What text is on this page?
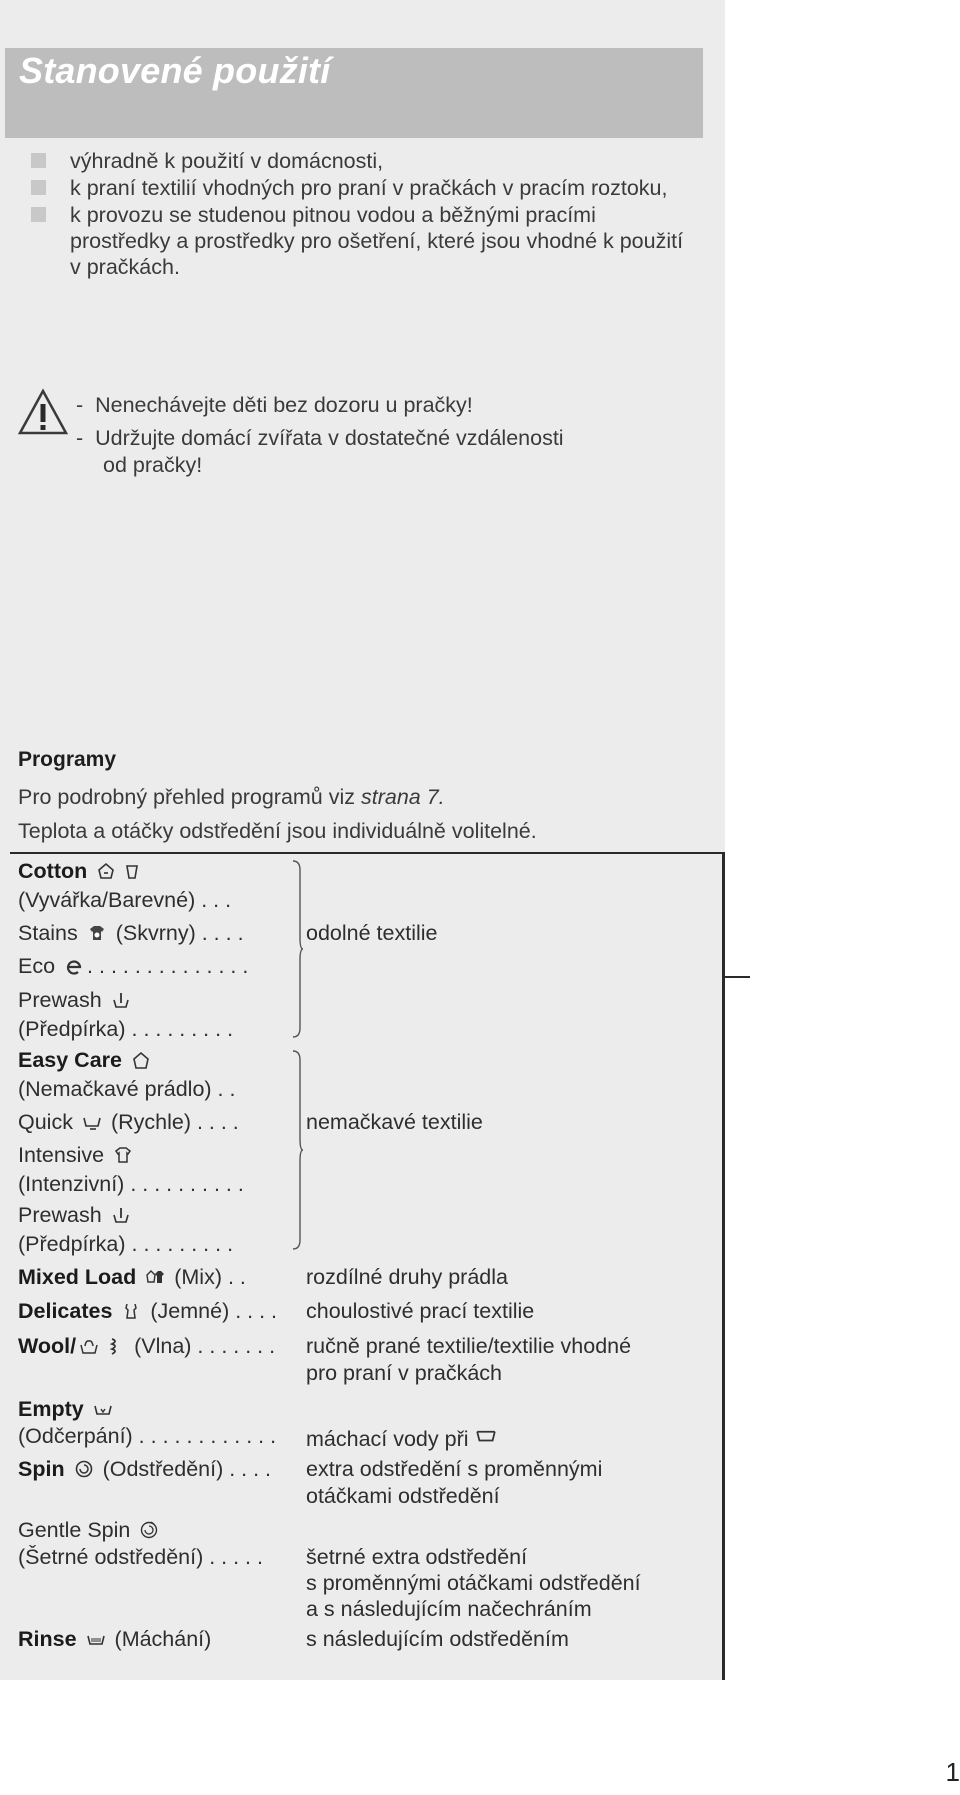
Stanovené použití
výhradně k použití v domácnosti,
k praní textilií vhodných pro praní v pračkách v pracím roztoku,
k provozu se studenou pitnou vodou a běžnými pracími prostředky a prostředky pro ošetření, které jsou vhodné k použití v pračkách.
-  Nenechávejte děti bez dozoru u pračky!
-  Udržujte domácí zvířata v dostatečné vzdálenosti
od pračky!
Programy
Pro podrobný přehled programů viz strana 7.
Teplota a otáčky odstředění jsou individuálně volitelné.
Cotton
(Vyvářka/Barevné) . . .
Stains (Skvrny) . . . .
Eco . . . . . . . . . . . . . .
Prewash
(Předpírka) . . . . . . . . .
odolné textilie
Easy Care
(Nemačkavé prádlo) . .
Quick (Rychle) . . . .
Intensive
(Intenzivní) . . . . . . . . . .
Prewash
(Předpírka) . . . . . . . . .
nemačkavé textilie
Mixed Load (Mix) . .	rozdílné druhy prádla
Delicates (Jemné) . . . . choulostivé prací textilie
Wool/	(Vlna) . . . . . . . ručně prané textilie/textilie vhodné
pro praní v pračkách
Empty
(Odčerpání) . . . . . . . . . . . . máchací vody při
Spin (Odstředění) . . . . extra odstředění s proměnnými
otáčkami odstředění
Gentle Spin
(Šetrné odstředění) . . . . . šetrné extra odstředění
s proměnnými otáčkami odstředění
a s následujícím načechráním
Rinse (Máchání)	s následujícím odstředěním
1
